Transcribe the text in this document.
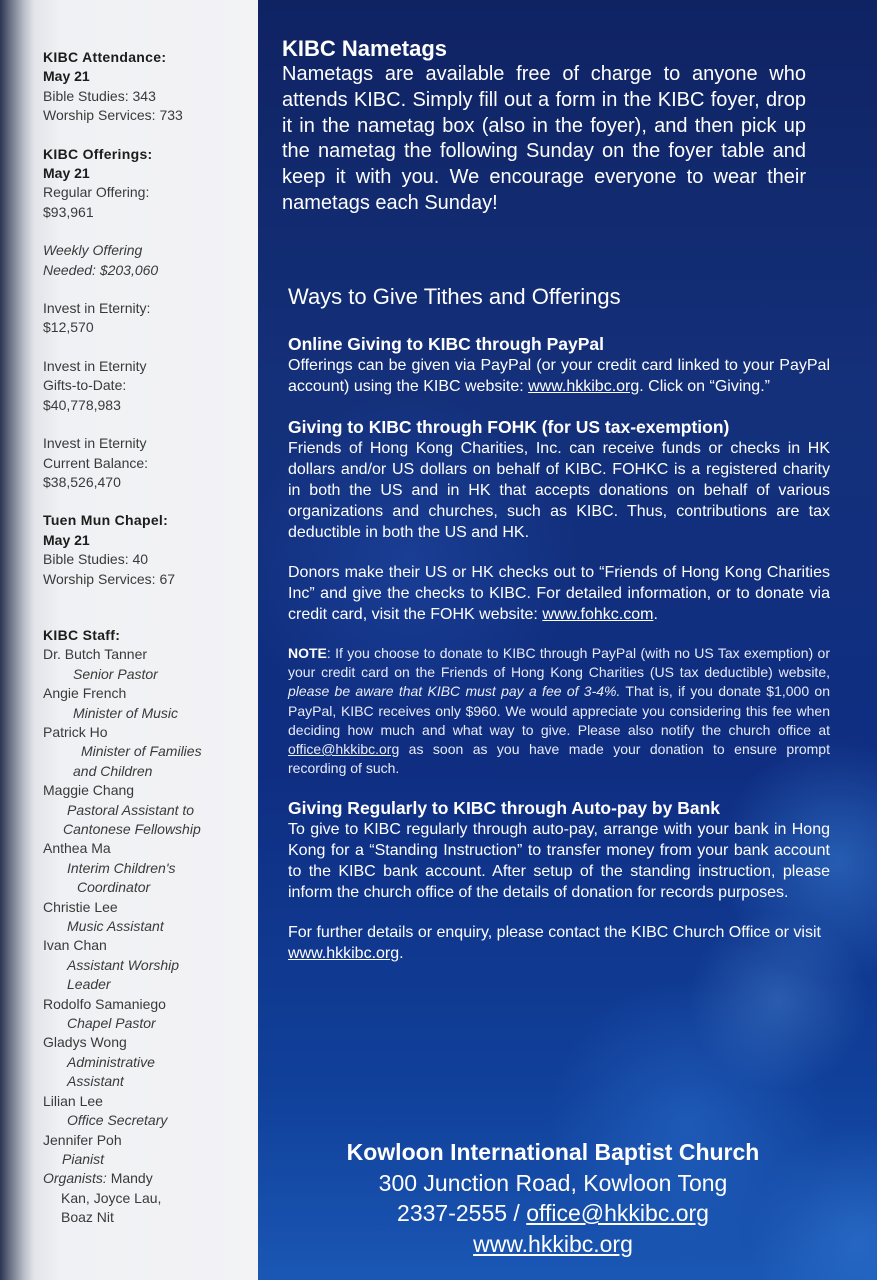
KIBC Attendance:

May 21

Bible Studies: 343

Worship Services: 733

KIBC Offerings:

May 21

Regular Offering:

$93,961

Weekly Offering

Needed: $203,060

Invest in Eternity:

$12,570

Invest in Eternity

Gifts-to-Date:

$40,778,983

Invest in Eternity

Current Balance:

$38,526,470

Tuen Mun Chapel:

May 21

Bible Studies: 40

Worship Services: 67

KIBC Staff:

Dr. Butch Tanner

Senior Pastor

Angie French

Minister of Music

Patrick Ho

Minister of Families

and Children

Maggie Chang

Pastoral Assistant to

Cantonese Fellowship

Anthea Ma

Interim Children's

Coordinator

Christie Lee

Music Assistant

Ivan Chan

Assistant Worship

Leader

Rodolfo Samaniego

Chapel Pastor

Gladys Wong

Administrative

Assistant

Lilian Lee

Office Secretary

Jennifer Poh

Pianist

Organists: Mandy

Kan, Joyce Lau,

Boaz Nit

KIBC Nametags

Nametags are available free of charge to anyone who attends KIBC. Simply fill out a form in the KIBC foyer, drop it in the nametag box (also in the foyer), and then pick up the nametag the following Sunday on the foyer table and keep it with you. We encourage everyone to wear their nametags each Sunday!

Ways to Give Tithes and Offerings
Online Giving to KIBC through PayPal

Offerings can be given via PayPal (or your credit card linked to your PayPal account) using the KIBC website: www.hkkibc.org. Click on “Giving.”

Giving to KIBC through FOHK (for US tax-exemption)

Friends of Hong Kong Charities, Inc. can receive funds or checks in HK dollars and/or US dollars on behalf of KIBC. FOHKC is a registered charity in both the US and in HK that accepts donations on behalf of various organizations and churches, such as KIBC. Thus, contributions are tax deductible in both the US and HK.

Donors make their US or HK checks out to “Friends of Hong Kong Charities Inc” and give the checks to KIBC. For detailed information, or to donate via credit card, visit the FOHK website: www.fohkc.com.

NOTE: If you choose to donate to KIBC through PayPal (with no US Tax exemption) or your credit card on the Friends of Hong Kong Charities (US tax deductible) website, please be aware that KIBC must pay a fee of 3-4%. That is, if you donate $1,000 on PayPal, KIBC receives only $960. We would appreciate you considering this fee when deciding how much and what way to give. Please also notify the church office at office@hkkibc.org as soon as you have made your donation to ensure prompt recording of such.

Giving Regularly to KIBC through Auto-pay by Bank

To give to KIBC regularly through auto-pay, arrange with your bank in Hong Kong for a “Standing Instruction” to transfer money from your bank account to the KIBC bank account. After setup of the standing instruction, please inform the church office of the details of donation for records purposes.

For further details or enquiry, please contact the KIBC Church Office or visit www.hkkibc.org.

Kowloon International Baptist Church
300 Junction Road, Kowloon Tong
2337-2555 / office@hkkibc.org
www.hkkibc.org
